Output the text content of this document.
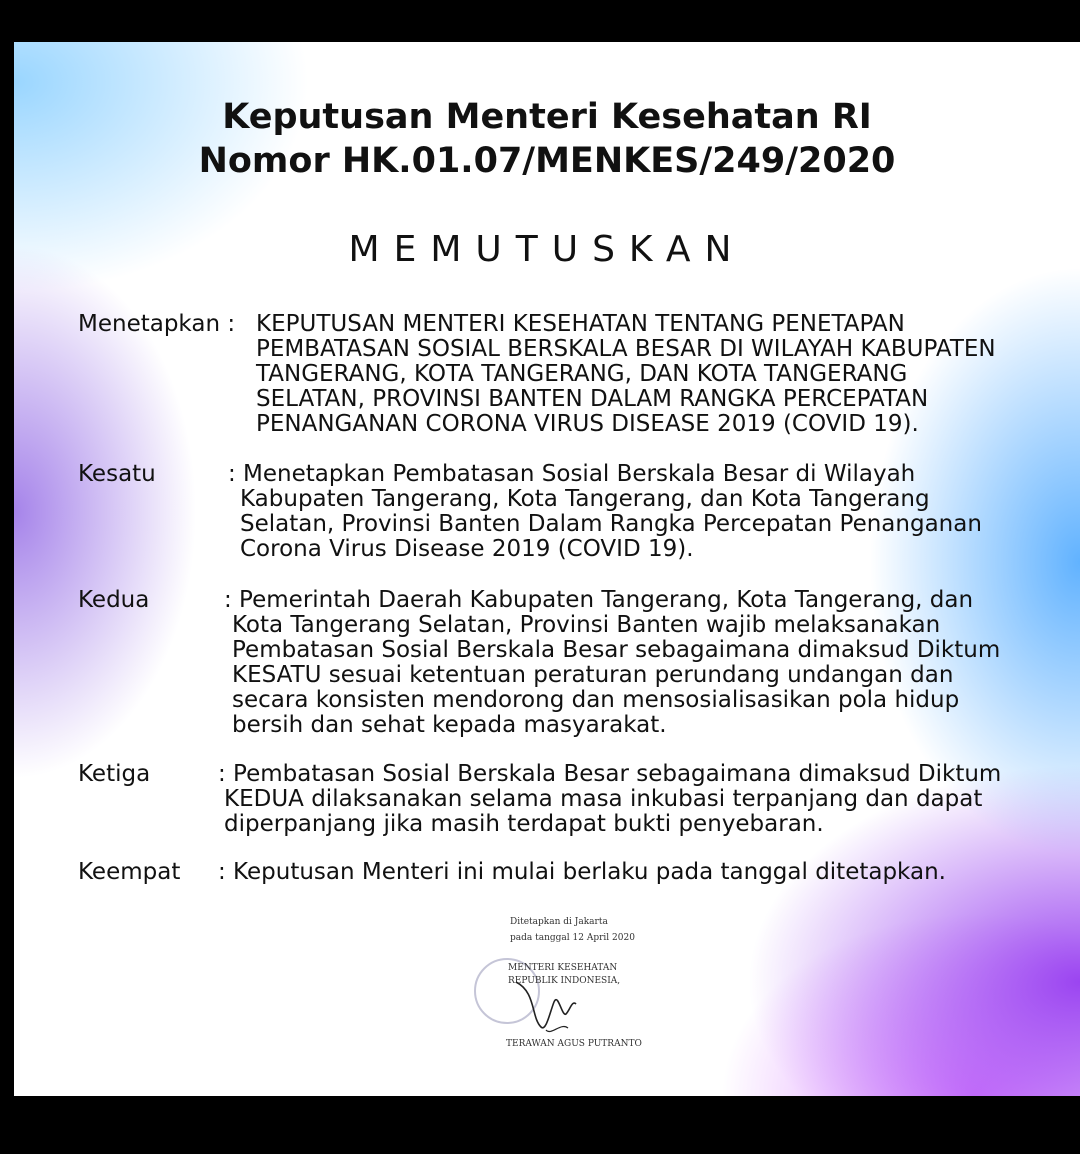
Keputusan Menteri Kesehatan RI
Nomor HK.01.07/MENKES/249/2020
MEMUTUSKAN
Menetapkan : KEPUTUSAN MENTERI KESEHATAN TENTANG PENETAPAN
PEMBATASAN SOSIAL BERSKALA BESAR DI WILAYAH KABUPATEN
TANGERANG, KOTA TANGERANG, DAN KOTA TANGERANG
SELATAN, PROVINSI BANTEN DALAM RANGKA PERCEPATAN
PENANGANAN CORONA VIRUS DISEASE 2019 (COVID 19).
Kesatu	: Menetapkan Pembatasan Sosial Berskala Besar di Wilayah
Kabupaten Tangerang, Kota Tangerang, dan Kota Tangerang
Selatan, Provinsi Banten Dalam Rangka Percepatan Penanganan
Corona Virus Disease 2019 (COVID 19).
Kedua	: Pemerintah Daerah Kabupaten Tangerang, Kota Tangerang, dan
Kota Tangerang Selatan, Provinsi Banten wajib melaksanakan
Pembatasan Sosial Berskala Besar sebagaimana dimaksud Diktum
KESATU sesuai ketentuan peraturan perundang undangan dan
secara konsisten mendorong dan mensosialisasikan pola hidup
bersih dan sehat kepada masyarakat.
Ketiga	: Pembatasan Sosial Berskala Besar sebagaimana dimaksud Diktum
KEDUA dilaksanakan selama masa inkubasi terpanjang dan dapat
diperpanjang jika masih terdapat bukti penyebaran.
Keempat : Keputusan Menteri ini mulai berlaku pada tanggal ditetapkan.
Ditetapkan di Jakarta
pada tanggal 12 April 2020
MENTERI KESEHATAN
REPUBLIK INDONESIA,
TERAWAN AGUS PUTRANTO
